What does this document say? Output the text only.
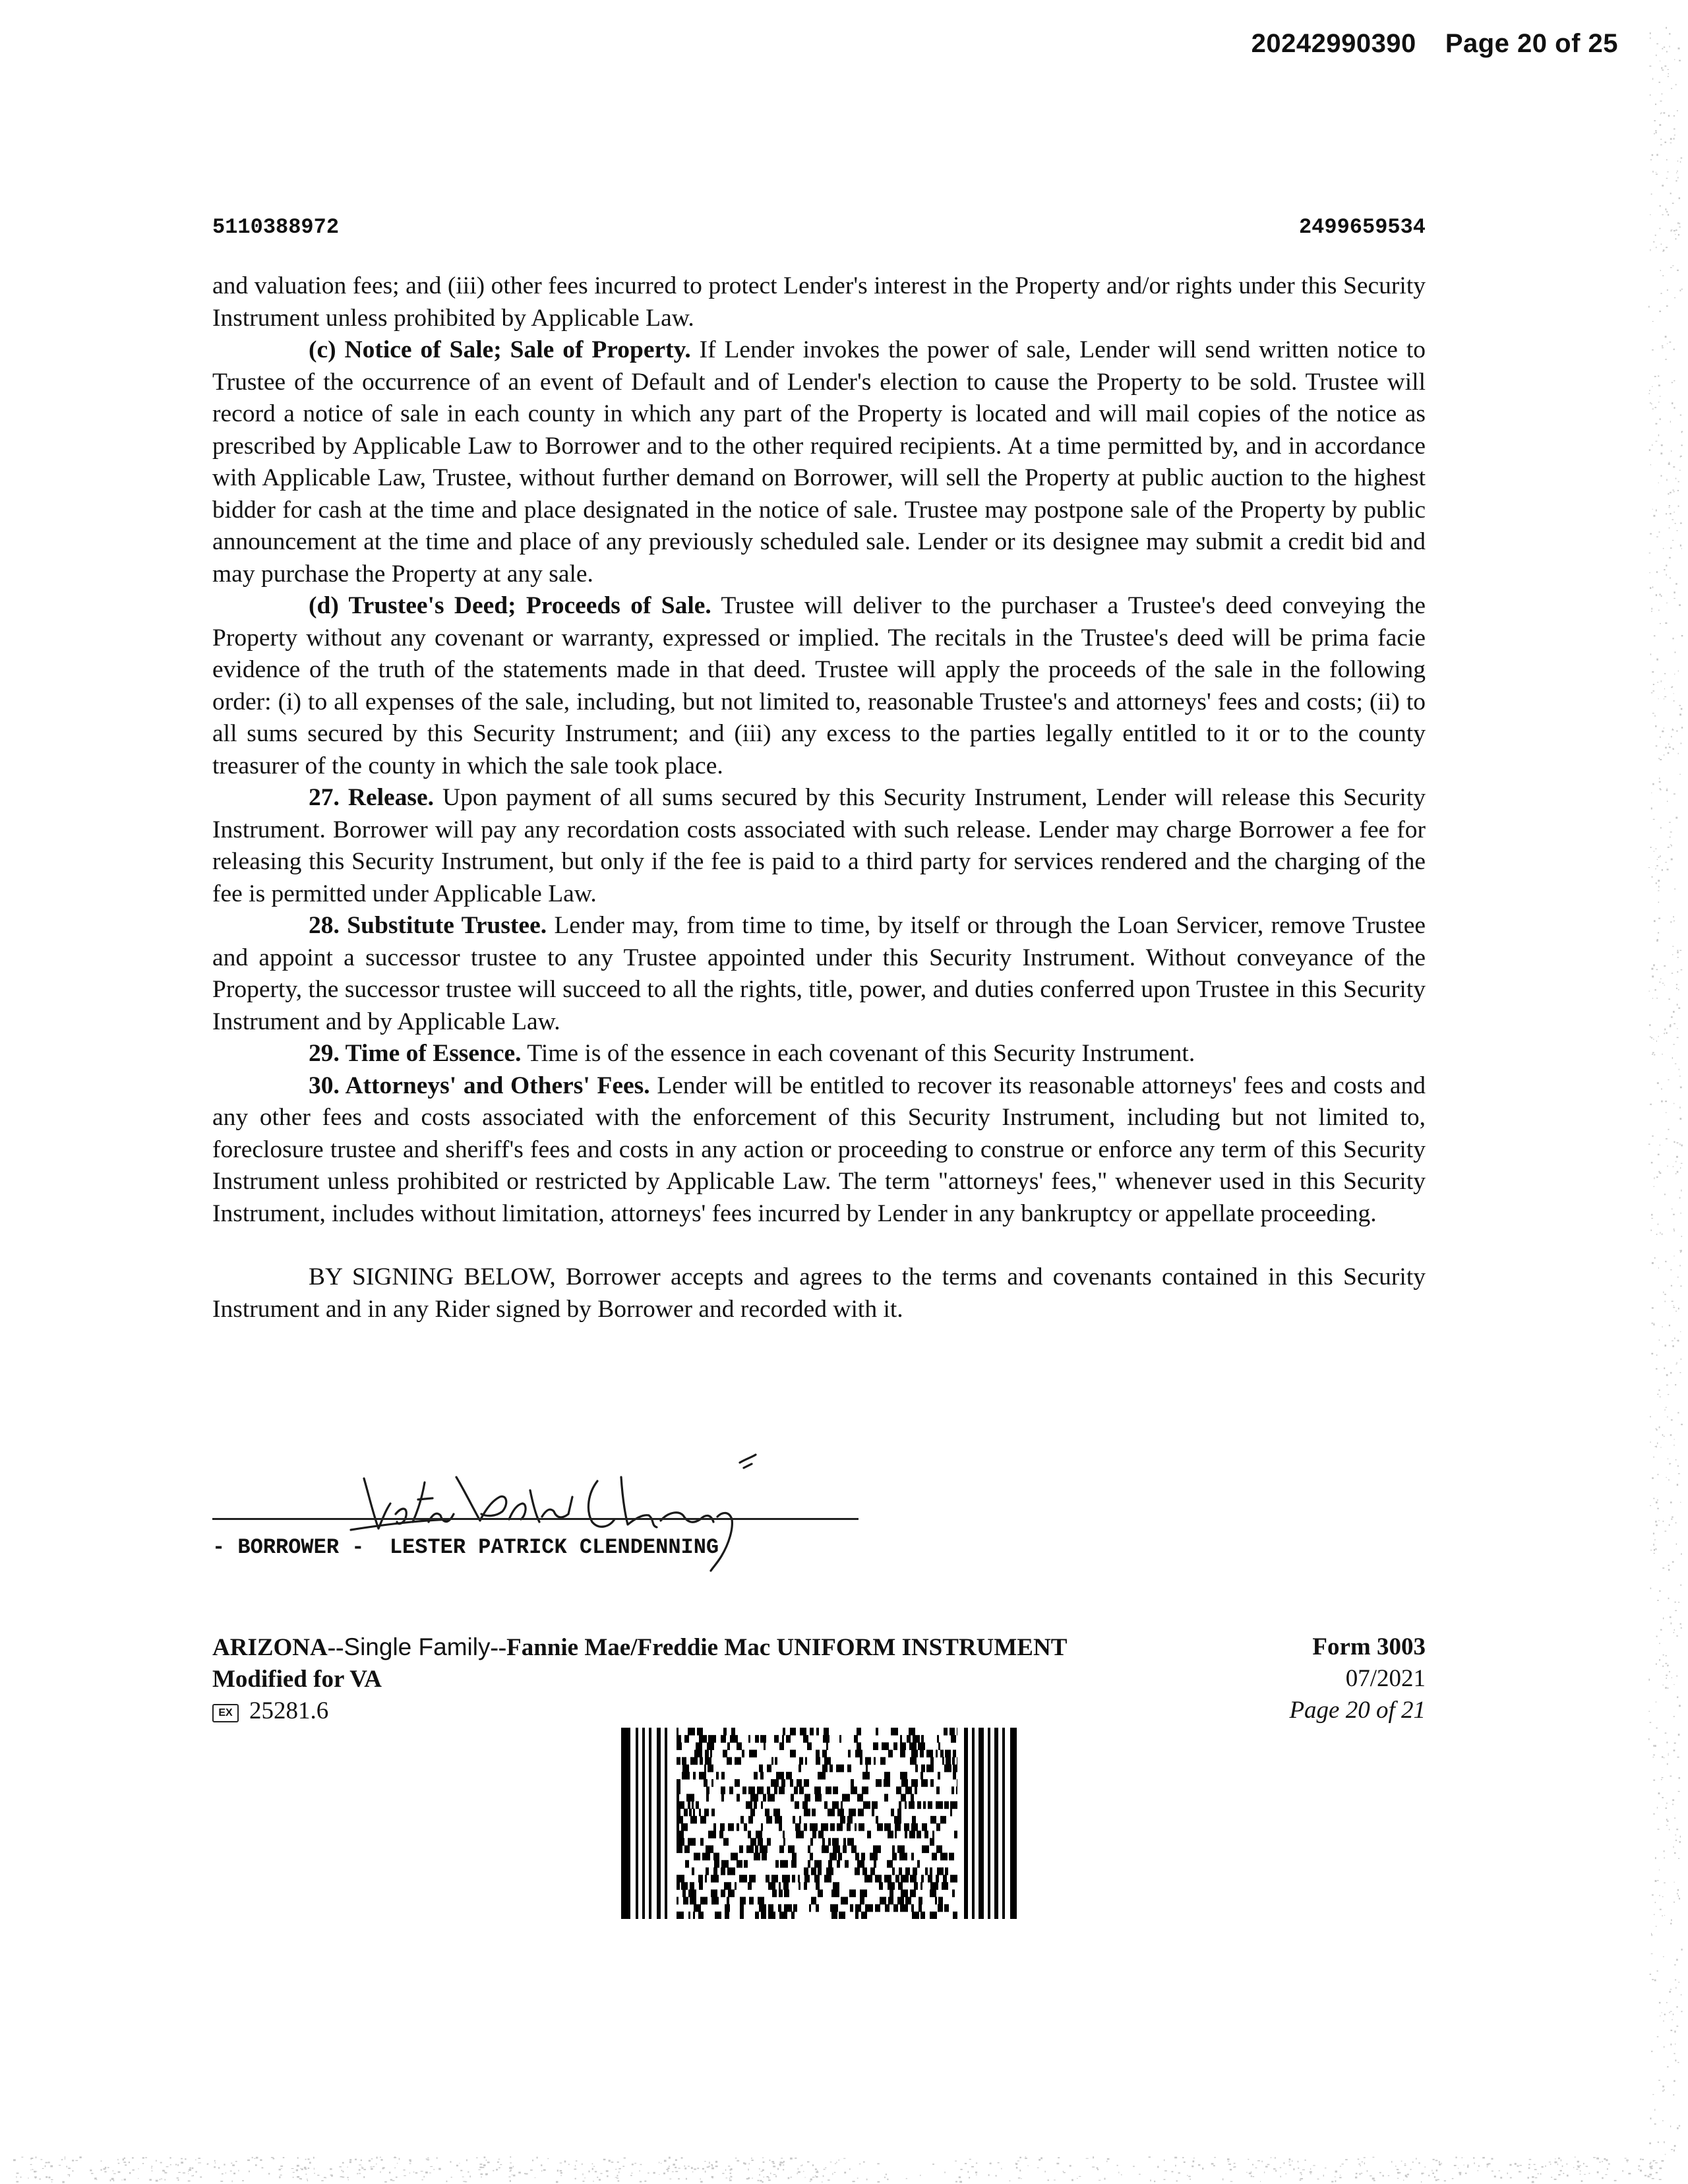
20242990390 Page 20 of 25
5110388972	2499659534

and valuation fees; and (iii) other fees incurred to protect Lender's interest in the Property and/or rights under this Security Instrument unless prohibited by Applicable Law.

(c) Notice of Sale; Sale of Property. If Lender invokes the power of sale, Lender will send written notice to Trustee of the occurrence of an event of Default and of Lender's election to cause the Property to be sold. Trustee will record a notice of sale in each county in which any part of the Property is located and will mail copies of the notice as prescribed by Applicable Law to Borrower and to the other required recipients. At a time permitted by, and in accordance with Applicable Law, Trustee, without further demand on Borrower, will sell the Property at public auction to the highest bidder for cash at the time and place designated in the notice of sale. Trustee may postpone sale of the Property by public announcement at the time and place of any previously scheduled sale. Lender or its designee may submit a credit bid and may purchase the Property at any sale.

(d) Trustee's Deed; Proceeds of Sale. Trustee will deliver to the purchaser a Trustee's deed conveying the Property without any covenant or warranty, expressed or implied. The recitals in the Trustee's deed will be prima facie evidence of the truth of the statements made in that deed. Trustee will apply the proceeds of the sale in the following order: (i) to all expenses of the sale, including, but not limited to, reasonable Trustee's and attorneys' fees and costs; (ii) to all sums secured by this Security Instrument; and (iii) any excess to the parties legally entitled to it or to the county treasurer of the county in which the sale took place.

27. Release. Upon payment of all sums secured by this Security Instrument, Lender will release this Security Instrument. Borrower will pay any recordation costs associated with such release. Lender may charge Borrower a fee for releasing this Security Instrument, but only if the fee is paid to a third party for services rendered and the charging of the fee is permitted under Applicable Law.

28. Substitute Trustee. Lender may, from time to time, by itself or through the Loan Servicer, remove Trustee and appoint a successor trustee to any Trustee appointed under this Security Instrument. Without conveyance of the Property, the successor trustee will succeed to all the rights, title, power, and duties conferred upon Trustee in this Security Instrument and by Applicable Law.

29. Time of Essence. Time is of the essence in each covenant of this Security Instrument.

30. Attorneys' and Others' Fees. Lender will be entitled to recover its reasonable attorneys' fees and costs and any other fees and costs associated with the enforcement of this Security Instrument, including but not limited to, foreclosure trustee and sheriff's fees and costs in any action or proceeding to construe or enforce any term of this Security Instrument unless prohibited or restricted by Applicable Law. The term "attorneys' fees," whenever used in this Security Instrument, includes without limitation, attorneys' fees incurred by Lender in any bankruptcy or appellate proceeding.

BY SIGNING BELOW, Borrower accepts and agrees to the terms and covenants contained in this Security Instrument and in any Rider signed by Borrower and recorded with it.

- BORROWER -  LESTER PATRICK CLENDENNING
ARIZONA--Single Family--Fannie Mae/Freddie Mac UNIFORM INSTRUMENT
Modified for VA
EX 25281.6
Form 3003
07/2021
Page 20 of 21
